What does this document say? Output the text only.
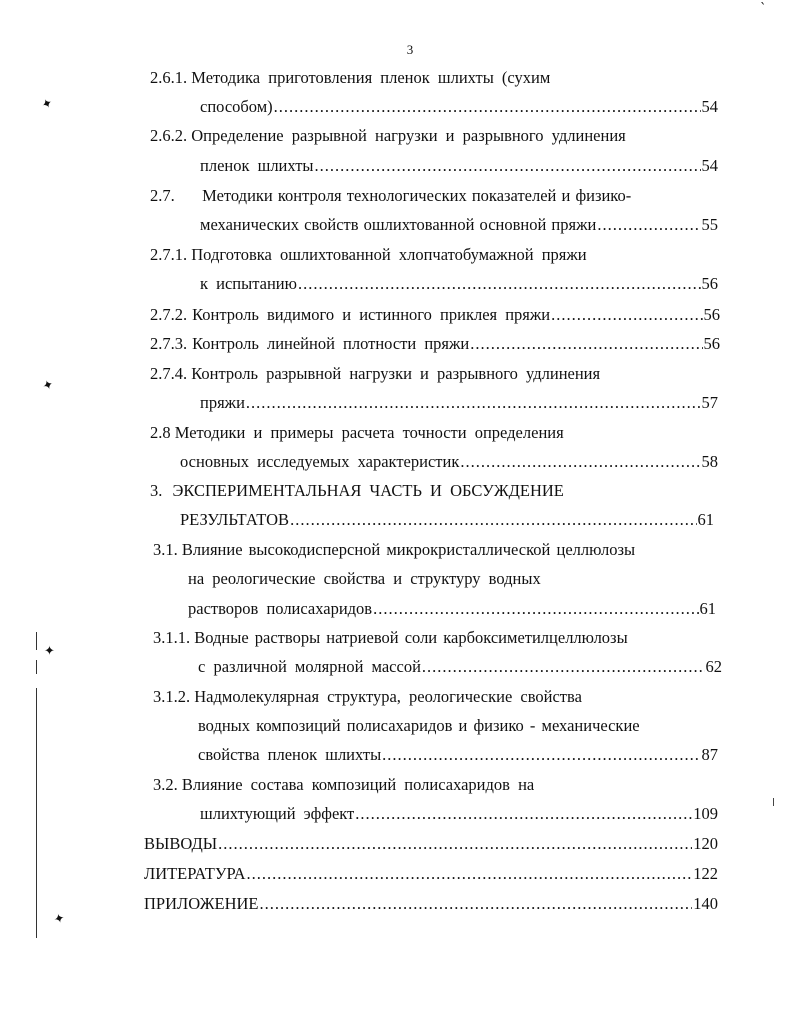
3
2.6.1. Методика приготовления пленок шлихты (сухим
способом) .....	54
2.6.2. Определение разрывной нагрузки и разрывного удлинения
пленок шлихты .....	54
2.7. Методики контроля технологических показателей и физико-
механических свойств ошлихтованной основной пряжи .....	55
2.7.1. Подготовка ошлихтованной хлопчатобумажной пряжи
к испытанию .....	56
2.7.2. Контроль видимого и истинного приклея пряжи .....	56
2.7.3. Контроль линейной плотности пряжи .....	56
2.7.4. Контроль разрывной нагрузки и разрывного удлинения
пряжи .....	57
2.8 Методики и примеры расчета точности определения
основных исследуемых характеристик .....	58
3. ЭКСПЕРИМЕНТАЛЬНАЯ ЧАСТЬ И ОБСУЖДЕНИЕ
РЕЗУЛЬТАТОВ .....	61
3.1. Влияние высокодисперсной микрокристаллической целлюлозы
на реологические свойства и структуру водных
растворов полисахаридов .....	61
3.1.1. Водные растворы натриевой соли карбоксиметилцеллюлозы
с различной молярной массой .....	62
3.1.2. Надмолекулярная структура, реологические свойства
водных композиций полисахаридов и физико - механические
свойства пленок шлихты .....	87
3.2. Влияние состава композиций полисахаридов на
шлихтующий эффект .....	109
ВЫВОДЫ .....	120
ЛИТЕРАТУРА .....	122
ПРИЛОЖЕНИЕ .....	140
✦
✦
✦
✦
ˋ
